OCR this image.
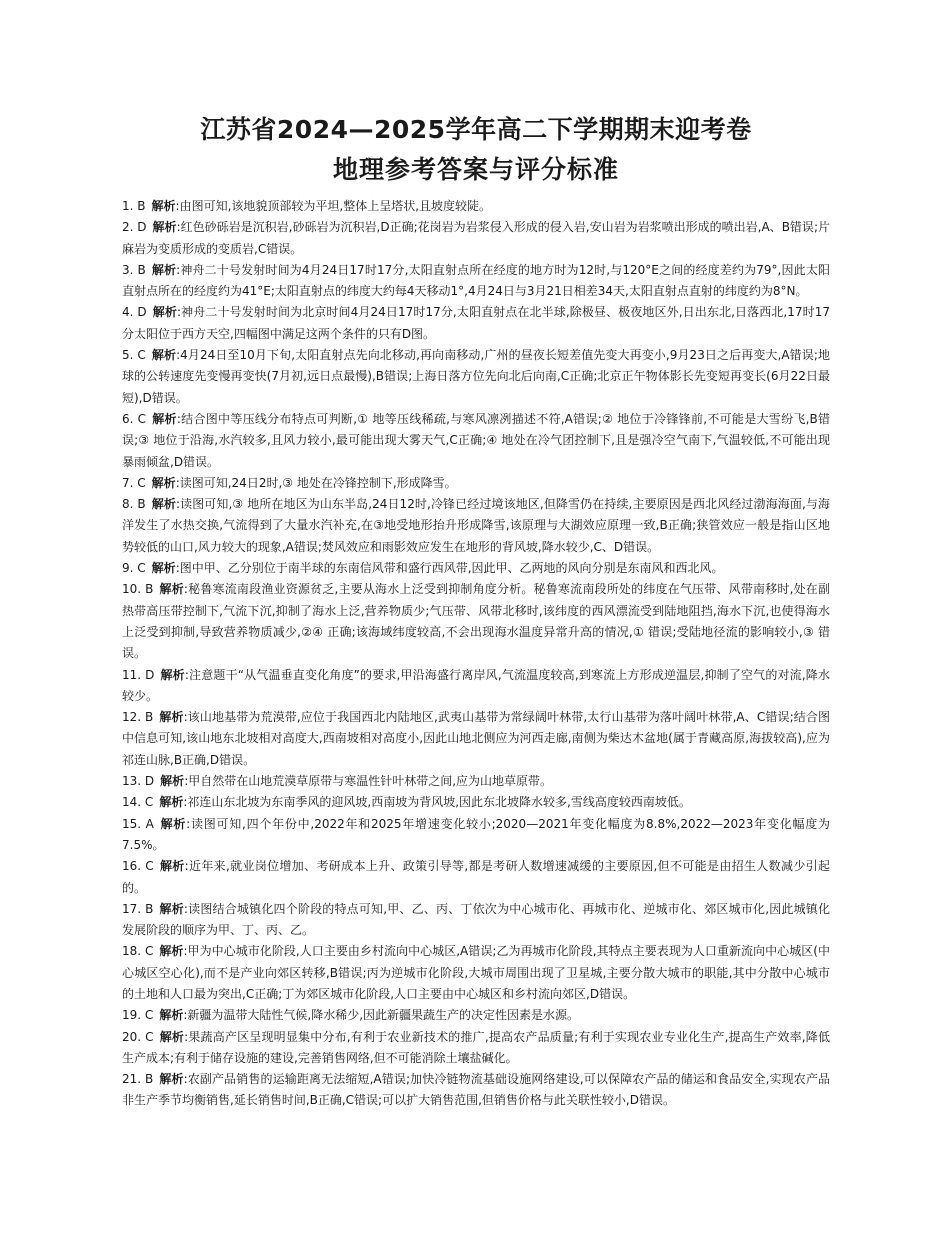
江苏省2024—2025学年高二下学期期末迎考卷
地理参考答案与评分标准

1. B 解析:由图可知,该地貌顶部较为平坦,整体上呈塔状,且坡度较陡。

2. D 解析:红色砂砾岩是沉积岩,砂砾岩为沉积岩,D正确;花岗岩为岩浆侵入形成的侵入岩,安山岩为岩浆喷出形成的喷出岩,A、B错误;片麻岩为变质形成的变质岩,C错误。

3. B 解析:神舟二十号发射时间为4月24日17时17分,太阳直射点所在经度的地方时为12时,与120°E之间的经度差约为79°,因此太阳直射点所在的经度约为41°E;太阳直射点的纬度大约每4天移动1°,4月24日与3月21日相差34天,太阳直射点直射的纬度约为8°N。

4. D 解析:神舟二十号发射时间为北京时间4月24日17时17分,太阳直射点在北半球,除极昼、极夜地区外,日出东北,日落西北,17时17分太阳位于西方天空,四幅图中满足这两个条件的只有D图。

5. C 解析:4月24日至10月下旬,太阳直射点先向北移动,再向南移动,广州的昼夜长短差值先变大再变小,9月23日之后再变大,A错误;地球的公转速度先变慢再变快(7月初,远日点最慢),B错误;上海日落方位先向北后向南,C正确;北京正午物体影长先变短再变长(6月22日最短),D错误。

6. C 解析:结合图中等压线分布特点可判断,① 地等压线稀疏,与寒风凛冽描述不符,A错误;② 地位于冷锋锋前,不可能是大雪纷飞,B错误;③ 地位于沿海,水汽较多,且风力较小,最可能出现大雾天气,C正确;④ 地处在冷气团控制下,且是强冷空气南下,气温较低,不可能出现暴雨倾盆,D错误。

7. C 解析:读图可知,24日2时,③ 地处在冷锋控制下,形成降雪。

8. B 解析:读图可知,③ 地所在地区为山东半岛,24日12时,冷锋已经过境该地区,但降雪仍在持续,主要原因是西北风经过渤海海面,与海洋发生了水热交换,气流得到了大量水汽补充,在③地受地形抬升形成降雪,该原理与大湖效应原理一致,B正确;狭管效应一般是指山区地势较低的山口,风力较大的现象,A错误;焚风效应和雨影效应发生在地形的背风坡,降水较少,C、D错误。

9. C 解析:图中甲、乙分别位于南半球的东南信风带和盛行西风带,因此甲、乙两地的风向分别是东南风和西北风。

10. B 解析:秘鲁寒流南段渔业资源贫乏,主要从海水上泛受到抑制角度分析。秘鲁寒流南段所处的纬度在气压带、风带南移时,处在副热带高压带控制下,气流下沉,抑制了海水上泛,营养物质少;气压带、风带北移时,该纬度的西风漂流受到陆地阻挡,海水下沉,也使得海水上泛受到抑制,导致营养物质减少,②④ 正确;该海域纬度较高,不会出现海水温度异常升高的情况,① 错误;受陆地径流的影响较小,③ 错误。

11. D 解析:注意题干“从气温垂直变化角度”的要求,甲沿海盛行离岸风,气流温度较高,到寒流上方形成逆温层,抑制了空气的对流,降水较少。

12. B 解析:该山地基带为荒漠带,应位于我国西北内陆地区,武夷山基带为常绿阔叶林带,太行山基带为落叶阔叶林带,A、C错误;结合图中信息可知,该山地东北坡相对高度大,西南坡相对高度小,因此山地北侧应为河西走廊,南侧为柴达木盆地(属于青藏高原,海拔较高),应为祁连山脉,B正确,D错误。

13. D 解析:甲自然带在山地荒漠草原带与寒温性针叶林带之间,应为山地草原带。

14. C 解析:祁连山东北坡为东南季风的迎风坡,西南坡为背风坡,因此东北坡降水较多,雪线高度较西南坡低。

15. A 解析:读图可知,四个年份中,2022年和2025年增速变化较小;2020—2021年变化幅度为8.8%,2022—2023年变化幅度为7.5%。

16. C 解析:近年来,就业岗位增加、考研成本上升、政策引导等,都是考研人数增速减缓的主要原因,但不可能是由招生人数减少引起的。

17. B 解析:读图结合城镇化四个阶段的特点可知,甲、乙、丙、丁依次为中心城市化、再城市化、逆城市化、郊区城市化,因此城镇化发展阶段的顺序为甲、丁、丙、乙。

18. C 解析:甲为中心城市化阶段,人口主要由乡村流向中心城区,A错误;乙为再城市化阶段,其特点主要表现为人口重新流向中心城区(中心城区空心化),而不是产业向郊区转移,B错误;丙为逆城市化阶段,大城市周围出现了卫星城,主要分散大城市的职能,其中分散中心城市的土地和人口最为突出,C正确;丁为郊区城市化阶段,人口主要由中心城区和乡村流向郊区,D错误。

19. C 解析:新疆为温带大陆性气候,降水稀少,因此新疆果蔬生产的决定性因素是水源。

20. C 解析:果蔬高产区呈现明显集中分布,有利于农业新技术的推广,提高农产品质量;有利于实现农业专业化生产,提高生产效率,降低生产成本;有利于储存设施的建设,完善销售网络,但不可能消除土壤盐碱化。

21. B 解析:农副产品销售的运输距离无法缩短,A错误;加快冷链物流基础设施网络建设,可以保障农产品的储运和食品安全,实现农产品非生产季节均衡销售,延长销售时间,B正确,C错误;可以扩大销售范围,但销售价格与此关联性较小,D错误。
